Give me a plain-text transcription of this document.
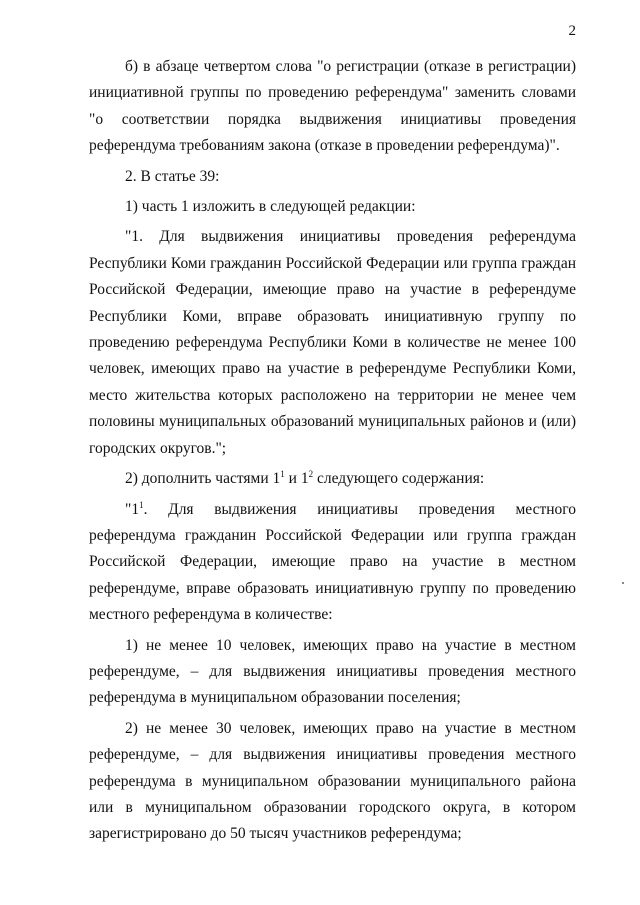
2

б) в абзаце четвертом слова "о регистрации (отказе в регистрации) инициативной группы по проведению референдума" заменить словами "о соответствии порядка выдвижения инициативы проведения референдума требованиям закона (отказе в проведении референдума)".

2. В статье 39:

1) часть 1 изложить в следующей редакции:

"1. Для выдвижения инициативы проведения референдума Республики Коми гражданин Российской Федерации или группа граждан Российской Федерации, имеющие право на участие в референдуме Республики Коми, вправе образовать инициативную группу по проведению референдума Республики Коми в количестве не менее 100 человек, имеющих право на участие в референдуме Республики Коми, место жительства которых расположено на территории не менее чем половины муниципальных образований муниципальных районов и (или) городских округов.";

2) дополнить частями $1^1$ и $1^2$ следующего содержания:

"$1^1$. Для выдвижения инициативы проведения местного референдума гражданин Российской Федерации или группа граждан Российской Федерации, имеющие право на участие в местном референдуме, вправе образовать инициативную группу по проведению местного референдума в количестве:

1) не менее 10 человек, имеющих право на участие в местном референдуме, – для выдвижения инициативы проведения местного референдума в муниципальном образовании поселения;

2) не менее 30 человек, имеющих право на участие в местном референдуме, – для выдвижения инициативы проведения местного референдума в муниципальном образовании муниципального района или в муниципальном образовании городского округа, в котором зарегистрировано до 50 тысяч участников референдума;
